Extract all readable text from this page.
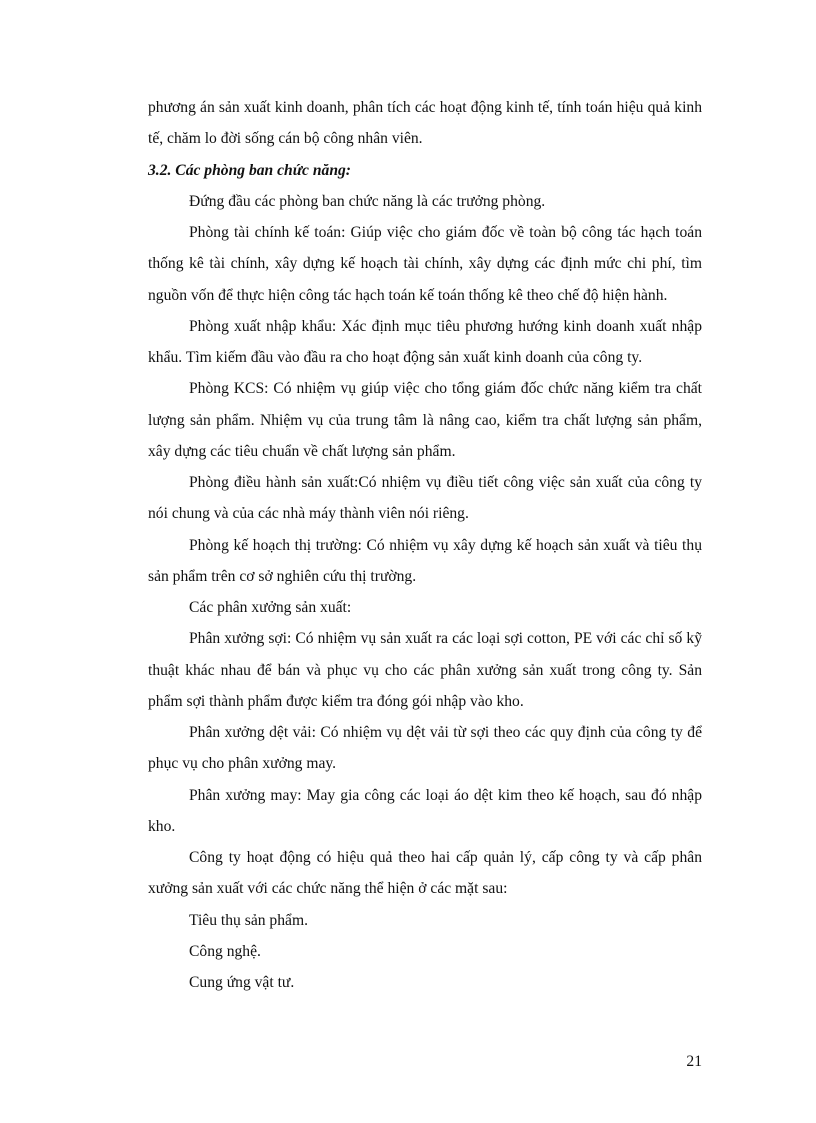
phương án sản xuất kinh doanh, phân tích các hoạt động kinh tế, tính toán hiệu quả kinh tế, chăm lo đời sống cán bộ công nhân viên.

3.2. Các phòng ban chức năng:

Đứng đầu các phòng ban chức năng là các trưởng phòng.

Phòng tài chính kế toán: Giúp việc cho giám đốc về toàn bộ công tác hạch toán thống kê tài chính, xây dựng kế hoạch tài chính, xây dựng các định mức chi phí, tìm nguồn vốn để thực hiện công tác hạch toán kế toán thống kê theo chế độ hiện hành.

Phòng xuất nhập khẩu: Xác định mục tiêu phương hướng kinh doanh xuất nhập khẩu. Tìm kiếm đầu vào đầu ra cho hoạt động sản xuất kinh doanh của công ty.

Phòng KCS: Có nhiệm vụ giúp việc cho tổng giám đốc chức năng kiểm tra chất lượng sản phẩm. Nhiệm vụ của trung tâm là nâng cao, kiểm tra chất lượng sản phẩm, xây dựng các tiêu chuẩn về chất lượng sản phẩm.

Phòng điều hành sản xuất:Có nhiệm vụ điều tiết công việc sản xuất của công ty nói chung và của các nhà máy thành viên nói riêng.

Phòng kế hoạch thị trường: Có nhiệm vụ xây dựng kế hoạch sản xuất và tiêu thụ sản phẩm trên cơ sở nghiên cứu thị trường.

Các phân xưởng sản xuất:

Phân xưởng sợi: Có nhiệm vụ sản xuất ra các loại sợi cotton, PE với các chỉ số kỹ thuật khác nhau để bán và phục vụ cho các phân xưởng sản xuất trong công ty. Sản phẩm sợi thành phẩm được kiểm tra đóng gói nhập vào kho.

Phân xưởng dệt vải: Có nhiệm vụ dệt vải từ sợi theo các quy định của công ty để phục vụ cho phân xưởng may.

Phân xưởng may: May gia công các loại áo dệt kim theo kế hoạch, sau đó nhập kho.

Công ty hoạt động có hiệu quả theo hai cấp quản lý, cấp công ty và cấp phân xưởng sản xuất với các chức năng thể hiện ở các mặt sau:

Tiêu thụ sản phẩm.

Công nghệ.

Cung ứng vật tư.

21
